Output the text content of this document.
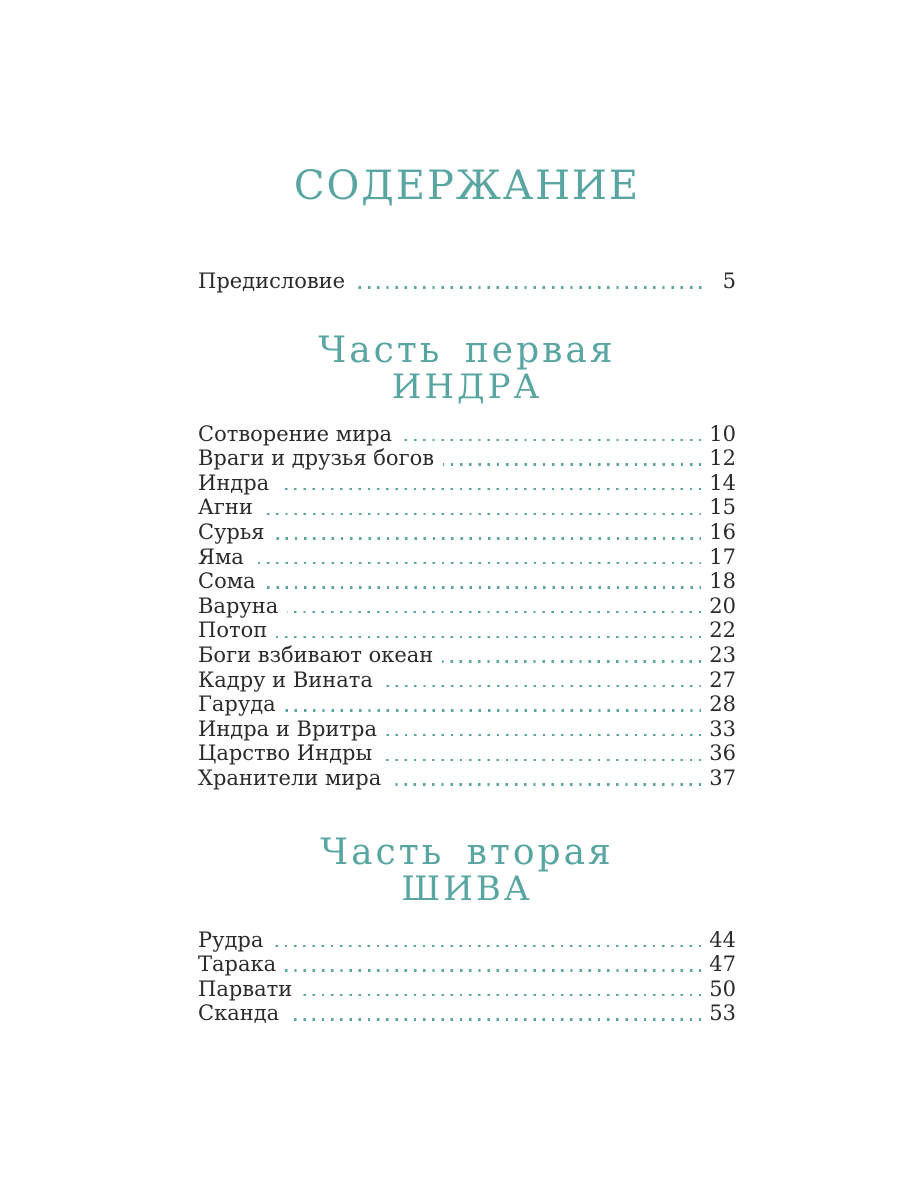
СОДЕРЖАНИЕ
Предисловие	5
Часть первая
ИНДРА
Сотворение мира	10
Враги и друзья богов	12
Индра	14
Агни	15
Сурья	16
Яма	17
Сома	18
Варуна	20
Потоп	22
Боги взбивают океан	23
Кадру и Вината	27
Гаруда	28
Индра и Вритра	33
Царство Индры	36
Хранители мира	37
Часть вторая
ШИВА
Рудра	44
Тарака	47
Парвати	50
Сканда	53
